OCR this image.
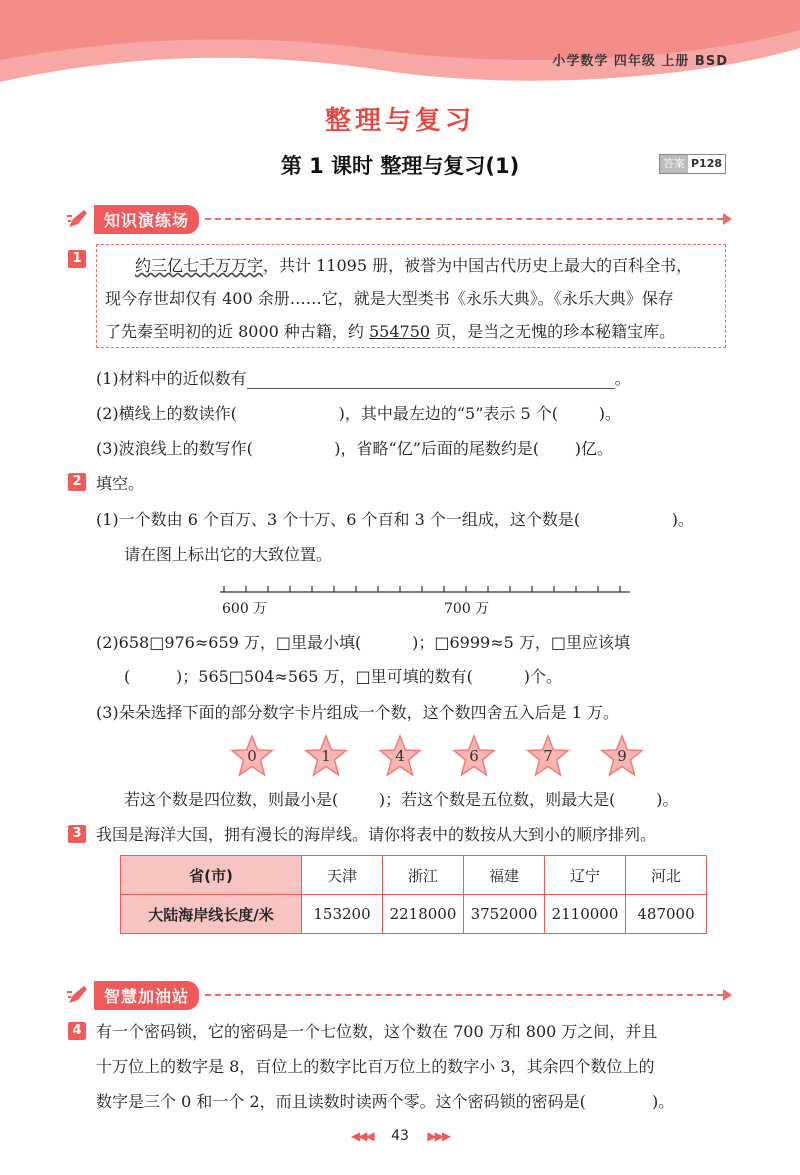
小学数学 四年级 上册 BSD
整理与复习
第 1 课时 整理与复习(1)	答案 P128
知识演练场
1	约三亿七千万万字，共计 11095 册，被誉为中国古代历史上最大的百科全书，
现今存世却仅有 400 余册……它，就是大型类书《永乐大典》。《永乐大典》保存
了先秦至明初的近 8000 种古籍，约 554750 页，是当之无愧的珍本秘籍宝库。
(1)材料中的近似数有	。
(2)横线上的数读作(                    )，其中最左边的“5”表示 5 个(        )。
(3)波浪线上的数写作(                )，省略“亿”后面的尾数约是(       )亿。
2 填空。
(1)一个数由 6 个百万、3 个十万、6 个百和 3 个一组成，这个数是(                  )。
请在图上标出它的大致位置。
600 万	700 万
(2)658□976≈659 万，□里最小填(          )；□6999≈5 万，□里应该填
(         )；565□504≈565 万，□里可填的数有(          )个。
(3)朵朵选择下面的部分数字卡片组成一个数，这个数四舍五入后是 1 万。
0	1	4	6	7	9
若这个数是四位数，则最小是(        )；若这个数是五位数，则最大是(        )。
3 我国是海洋大国，拥有漫长的海岸线。请你将表中的数按从大到小的顺序排列。
省(市)	天津	浙江	福建	辽宁	河北
大陆海岸线长度/米	153200	2218000	3752000	2110000	487000
智慧加油站
4 有一个密码锁，它的密码是一个七位数，这个数在 700 万和 800 万之间，并且
十万位上的数字是 8，百位上的数字比百万位上的数字小 3，其余四个数位上的
数字是三个 0 和一个 2，而且读数时读两个零。这个密码锁的密码是(             )。
◀◀◀ 43 ▶▶▶
